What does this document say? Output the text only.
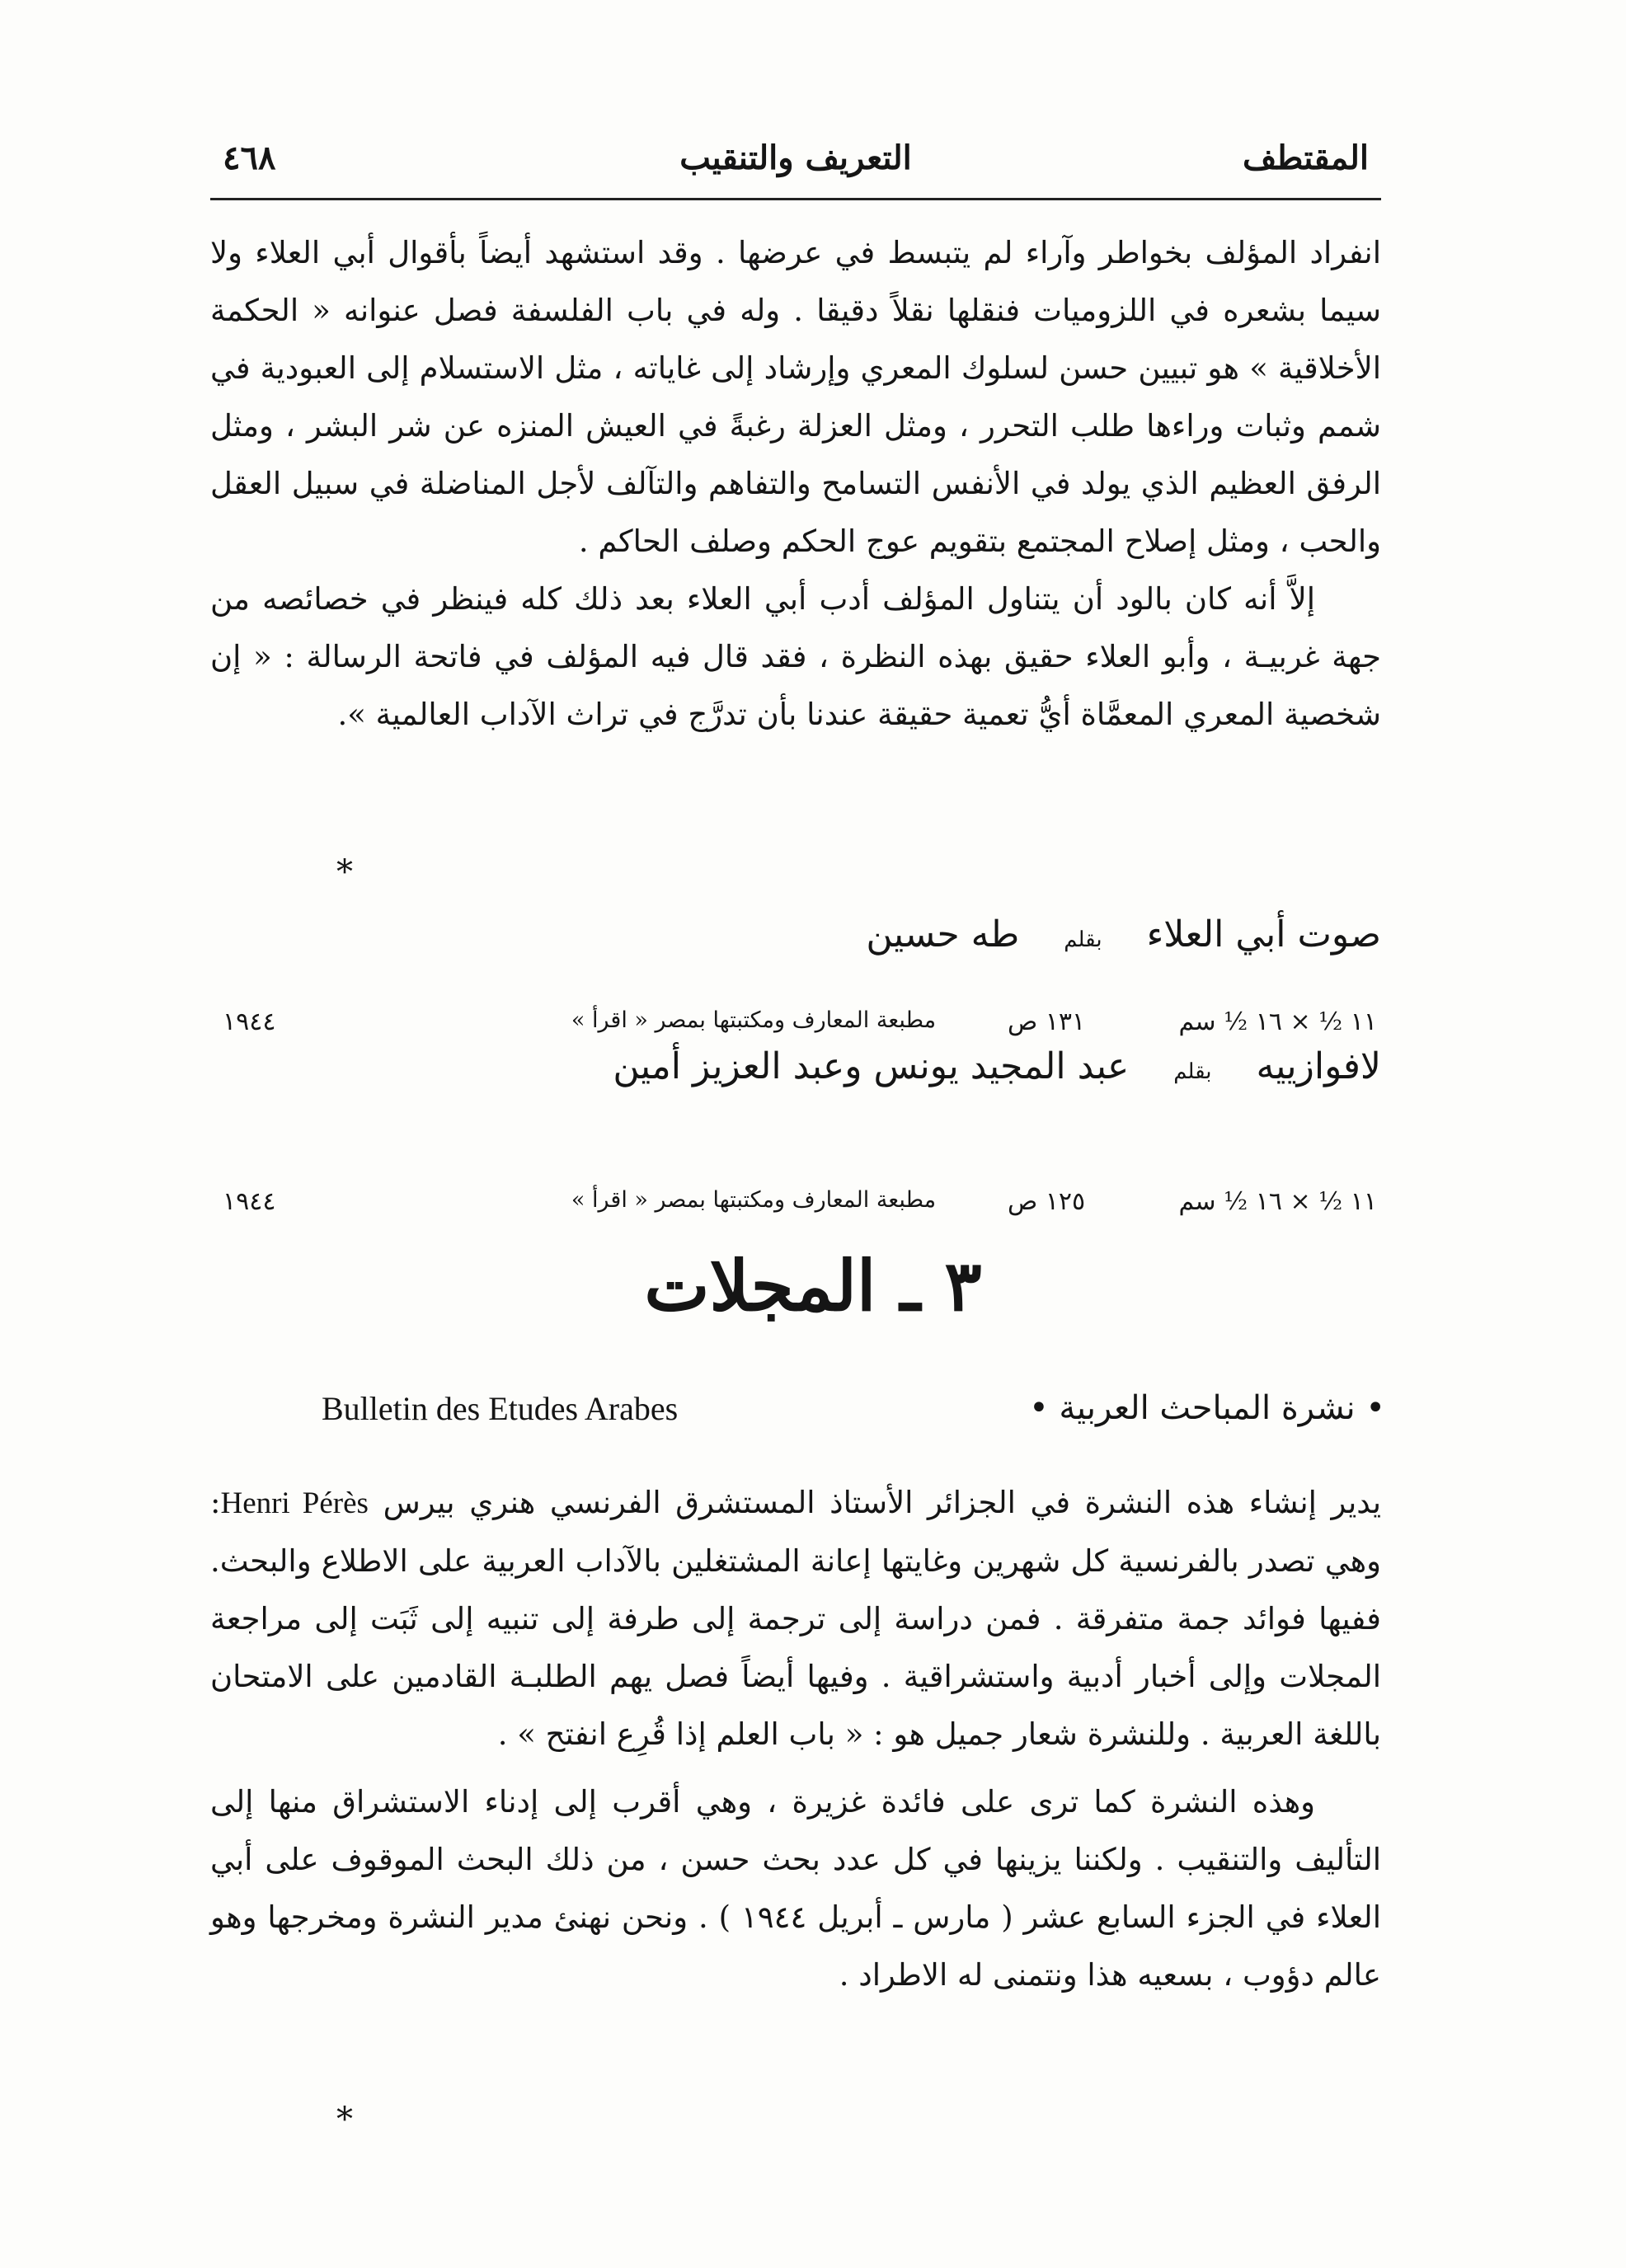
٤٦٨	التعريف والتنقيب	المقتطف

انفراد المؤلف بخواطر وآراء لم يتبسط في عرضها . وقد استشهد أيضاً بأقوال أبي العلاء ولا سيما بشعره في اللزوميات فنقلها نقلاً دقيقا . وله في باب الفلسفة فصل عنوانه « الحكمة الأخلاقية » هو تبيين حسن لسلوك المعري وإرشاد إلى غاياته ، مثل الاستسلام إلى العبودية في شمم وثبات وراءها طلب التحرر ، ومثل العزلة رغبةً في العيش المنزه عن شر البشر ، ومثل الرفق العظيم الذي يولد في الأنفس التسامح والتفاهم والتآلف لأجل المناضلة في سبيل العقل والحب ، ومثل إصلاح المجتمع بتقويم عوج الحكم وصلف الحاكم .

إلاَّ أنه كان بالود أن يتناول المؤلف أدب أبي العلاء بعد ذلك كله فينظر في خصائصه من جهة غربيـة ، وأبو العلاء حقيق بهذه النظرة ، فقد قال فيه المؤلف في فاتحة الرسالة : « إن شخصية المعري المعمَّاة أيُّ تعمية حقيقة عندنا بأن تدرَّج في تراث الآداب العالمية ».

*
صوت أبي العلاء بقلم طه حسين
١٩٤٤	مطبعة المعارف ومكتبتها بمصر « اقرأ »	١٣١ ص	١١ ½ × ١٦ ½ سم
لافوازييه بقلم عبد المجيد يونس وعبد العزيز أمين
١٩٤٤	مطبعة المعارف ومكتبتها بمصر « اقرأ »	١٢٥ ص	١١ ½ × ١٦ ½ سم
٣ ـ المجلات
Bulletin des Etudes Arabes	• نشرة المباحث العربية •

يدير إنشاء هذه النشرة في الجزائر الأستاذ المستشرق الفرنسي هنري بيرس Henri Pérès: وهي تصدر بالفرنسية كل شهرين وغايتها إعانة المشتغلين بالآداب العربية على الاطلاع والبحث. ففيها فوائد جمة متفرقة . فمن دراسة إلى ترجمة إلى طرفة إلى تنبيه إلى ثَبَت إلى مراجعة المجلات وإلى أخبار أدبية واستشراقية . وفيها أيضاً فصل يهم الطلبـة القادمين على الامتحان باللغة العربية . وللنشرة شعار جميل هو : « باب العلم إذا قُرِع انفتح » .

وهذه النشرة كما ترى على فائدة غزيرة ، وهي أقرب إلى إدناء الاستشراق منها إلى التأليف والتنقيب . ولكننا يزينها في كل عدد بحث حسن ، من ذلك البحث الموقوف على أبي العلاء في الجزء السابع عشر ( مارس ـ أبريل ١٩٤٤ ) . ونحن نهنئ مدير النشرة ومخرجها وهو عالم دؤوب ، بسعيه هذا ونتمنى له الاطراد .

*
